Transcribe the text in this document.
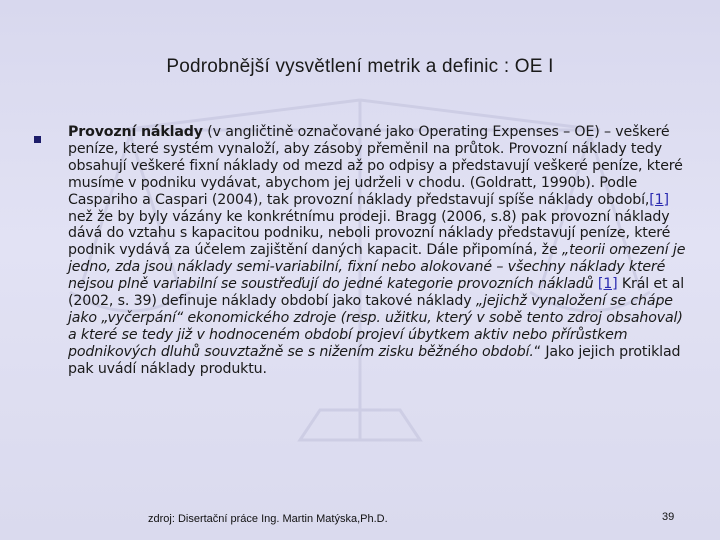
Podrobnější vysvětlení metrik a definic : OE I
Provozní náklady (v angličtině označované jako Operating Expenses – OE) – veškeré peníze, které systém vynaloží, aby zásoby přeměnil na průtok. Provozní náklady tedy obsahují veškeré fixní náklady od mezd až po odpisy a představují veškeré peníze, které musíme v podniku vydávat, abychom jej udrželi v chodu. (Goldratt, 1990b). Podle Caspariho a Caspari (2004), tak provozní náklady představují spíše náklady období,[1] než že by byly vázány ke konkrétnímu prodeji. Bragg (2006, s.8) pak provozní náklady dává do vztahu s kapacitou podniku, neboli provozní náklady představují peníze, které podnik vydává za účelem zajištění daných kapacit. Dále připomíná, že „teorii omezení je jedno, zda jsou náklady semi-variabilní, fixní nebo alokované – všechny náklady které nejsou plně variabilní se soustřeďují do jedné kategorie provozních nákladů [1] Král et al (2002, s. 39) definuje náklady období jako takové náklady „jejichž vynaložení se chápe jako „vyčerpání“ ekonomického zdroje (resp. užitku, který v sobě tento zdroj obsahoval) a které se tedy již v hodnoceném období projeví úbytkem aktiv nebo přírůstkem podnikových dluhů souvztažně se s nižením zisku běžného období.“ Jako jejich protiklad pak uvádí náklady produktu.
zdroj: Disertační práce Ing. Martin Matýska,Ph.D.	39
